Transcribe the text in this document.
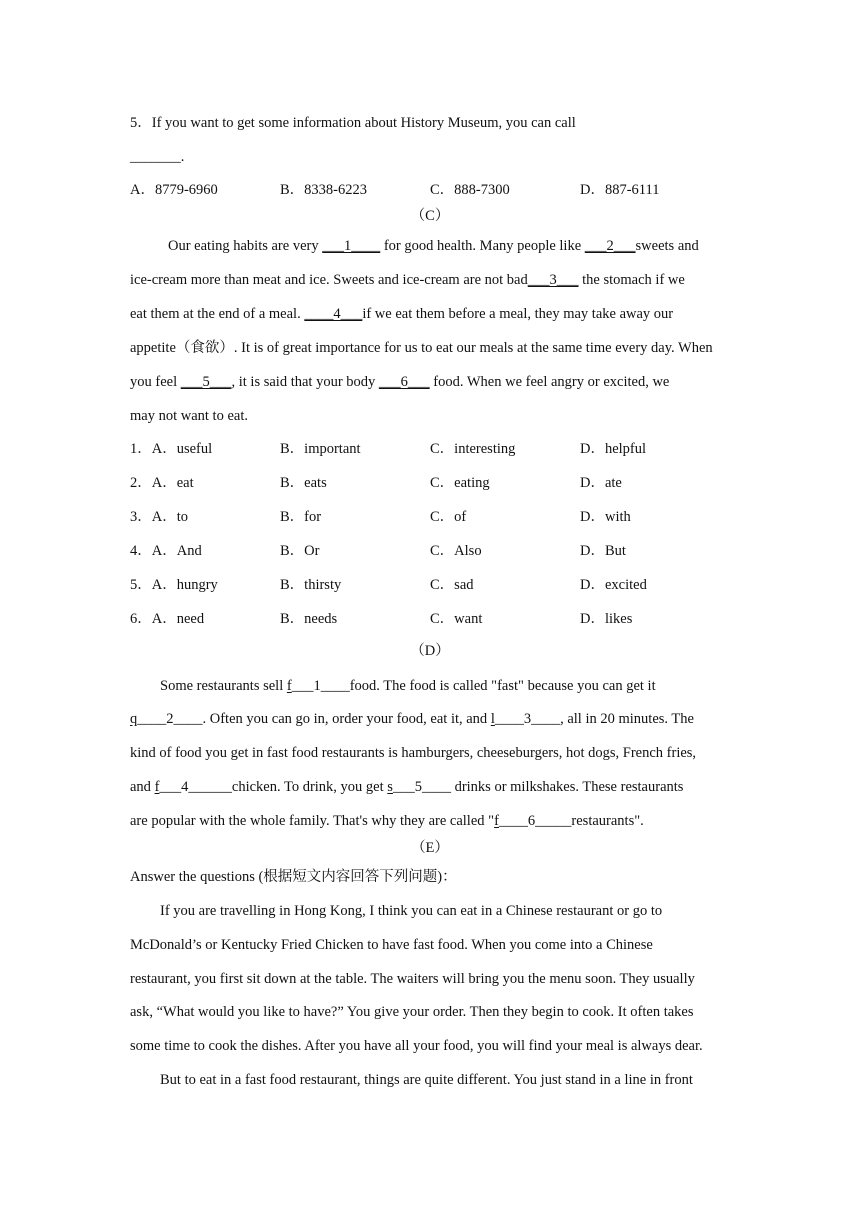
5．If you want to get some information about History Museum, you can call
_______.
A．8779-6960	B．8338-6223	C．888-7300	D．887-6111
（C）
Our eating habits are very ___1____ for good health. Many people like ___2___sweets and
ice-cream more than meat and ice. Sweets and ice-cream are not bad___3___ the stomach if we
eat them at the end of a meal. ____4___if we eat them before a meal, they may take away our
appetite（食欲）. It is of great importance for us to eat our meals at the same time every day. When
you feel ___5___, it is said that your body ___6___ food. When we feel angry or excited, we
may not want to eat.
1．A．useful	B．important	C．interesting	D．helpful
2．A．eat	B．eats	C．eating	D．ate
3．A．to	B．for	C．of	D．with
4．A．And	B．Or	C．Also	D．But
5．A．hungry	B．thirsty	C．sad	D．excited
6．A．need	B．needs	C．want	D．likes
（D）
Some restaurants sell f___1____food. The food is called "fast" because you can get it
q____2____. Often you can go in, order your food, eat it, and l____3____, all in 20 minutes. The
kind of food you get in fast food restaurants is hamburgers, cheeseburgers, hot dogs, French fries,
and f___4______chicken. To drink, you get s___5____ drinks or milkshakes. These restaurants
are popular with the whole family. That's why they are called "f____6_____restaurants".
（E）
Answer the questions (根据短文内容回答下列问题)：
If you are travelling in Hong Kong, I think you can eat in a Chinese restaurant or go to
McDonald’s or Kentucky Fried Chicken to have fast food. When you come into a Chinese
restaurant, you first sit down at the table. The waiters will bring you the menu soon. They usually
ask, “What would you like to have?” You give your order. Then they begin to cook. It often takes
some time to cook the dishes. After you have all your food, you will find your meal is always dear.
But to eat in a fast food restaurant, things are quite different. You just stand in a line in front
